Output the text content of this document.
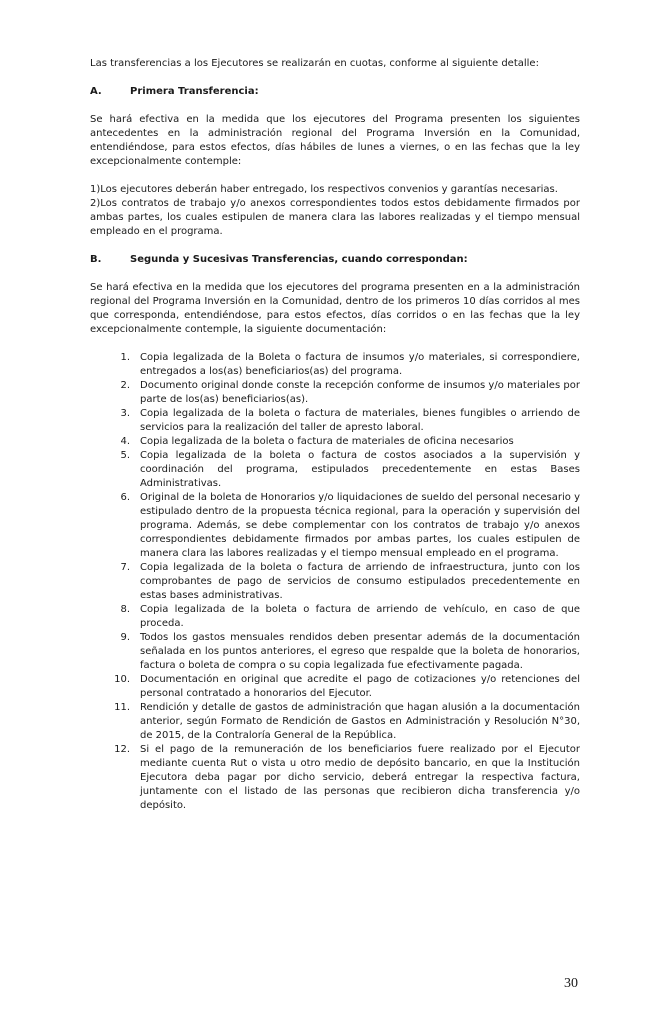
Las transferencias a los Ejecutores se realizarán en cuotas, conforme al siguiente detalle:

A.	Primera Transferencia:

Se hará efectiva en la medida que los ejecutores del Programa presenten los siguientes antecedentes en la administración regional del Programa Inversión en la Comunidad, entendiéndose, para estos efectos, días hábiles de lunes a viernes, o en las fechas que la ley excepcionalmente contemple:

1)Los ejecutores deberán haber entregado, los respectivos convenios y garantías necesarias.

2)Los contratos de trabajo y/o anexos correspondientes todos estos debidamente firmados por ambas partes, los cuales estipulen de manera clara las labores realizadas y el tiempo mensual empleado en el programa.

B.	Segunda y Sucesivas Transferencias, cuando correspondan:

Se hará efectiva en la medida que los ejecutores del programa presenten en a la administración regional del Programa Inversión en la Comunidad, dentro de los primeros 10 días corridos al mes que corresponda, entendiéndose, para estos efectos, días corridos o en las fechas que la ley excepcionalmente contemple, la siguiente documentación:

1.	Copia legalizada de la Boleta o factura de insumos y/o materiales, si correspondiere, entregados a los(as) beneficiarios(as) del programa.
2.	Documento original donde conste la recepción conforme de insumos y/o materiales por parte de los(as) beneficiarios(as).
3.	Copia legalizada de la boleta o factura de materiales, bienes fungibles o arriendo de servicios para la realización del taller de apresto laboral.
4.	Copia legalizada de la boleta o factura de materiales de oficina necesarios
5.	Copia legalizada de la boleta o factura de costos asociados a la supervisión y coordinación del programa, estipulados precedentemente en estas Bases Administrativas.
6.	Original de la boleta de Honorarios y/o liquidaciones de sueldo del personal necesario y estipulado dentro de la propuesta técnica regional, para la operación y supervisión del programa. Además, se debe complementar con los contratos de trabajo y/o anexos correspondientes debidamente firmados por ambas partes, los cuales estipulen de manera clara las labores realizadas y el tiempo mensual empleado en el programa.
7.	Copia legalizada de la boleta o factura de arriendo de infraestructura, junto con los comprobantes de pago de servicios de consumo estipulados precedentemente en estas bases administrativas.
8.	Copia legalizada de la boleta o factura de arriendo de vehículo, en caso de que proceda.
9.	Todos los gastos mensuales rendidos deben presentar además de la documentación señalada en los puntos anteriores, el egreso que respalde que la boleta de honorarios, factura o boleta de compra o su copia legalizada fue efectivamente pagada.
10.	Documentación en original que acredite el pago de cotizaciones y/o retenciones del personal contratado a honorarios del Ejecutor.
11.	Rendición y detalle de gastos de administración que hagan alusión a la documentación anterior, según Formato de Rendición de Gastos en Administración y Resolución N°30, de 2015, de la Contraloría General de la República.
12.	Si el pago de la remuneración de los beneficiarios fuere realizado por el Ejecutor mediante cuenta Rut o vista u otro medio de depósito bancario, en que la Institución Ejecutora deba pagar por dicho servicio, deberá entregar la respectiva factura, juntamente con el listado de las personas que recibieron dicha transferencia y/o depósito.
30
